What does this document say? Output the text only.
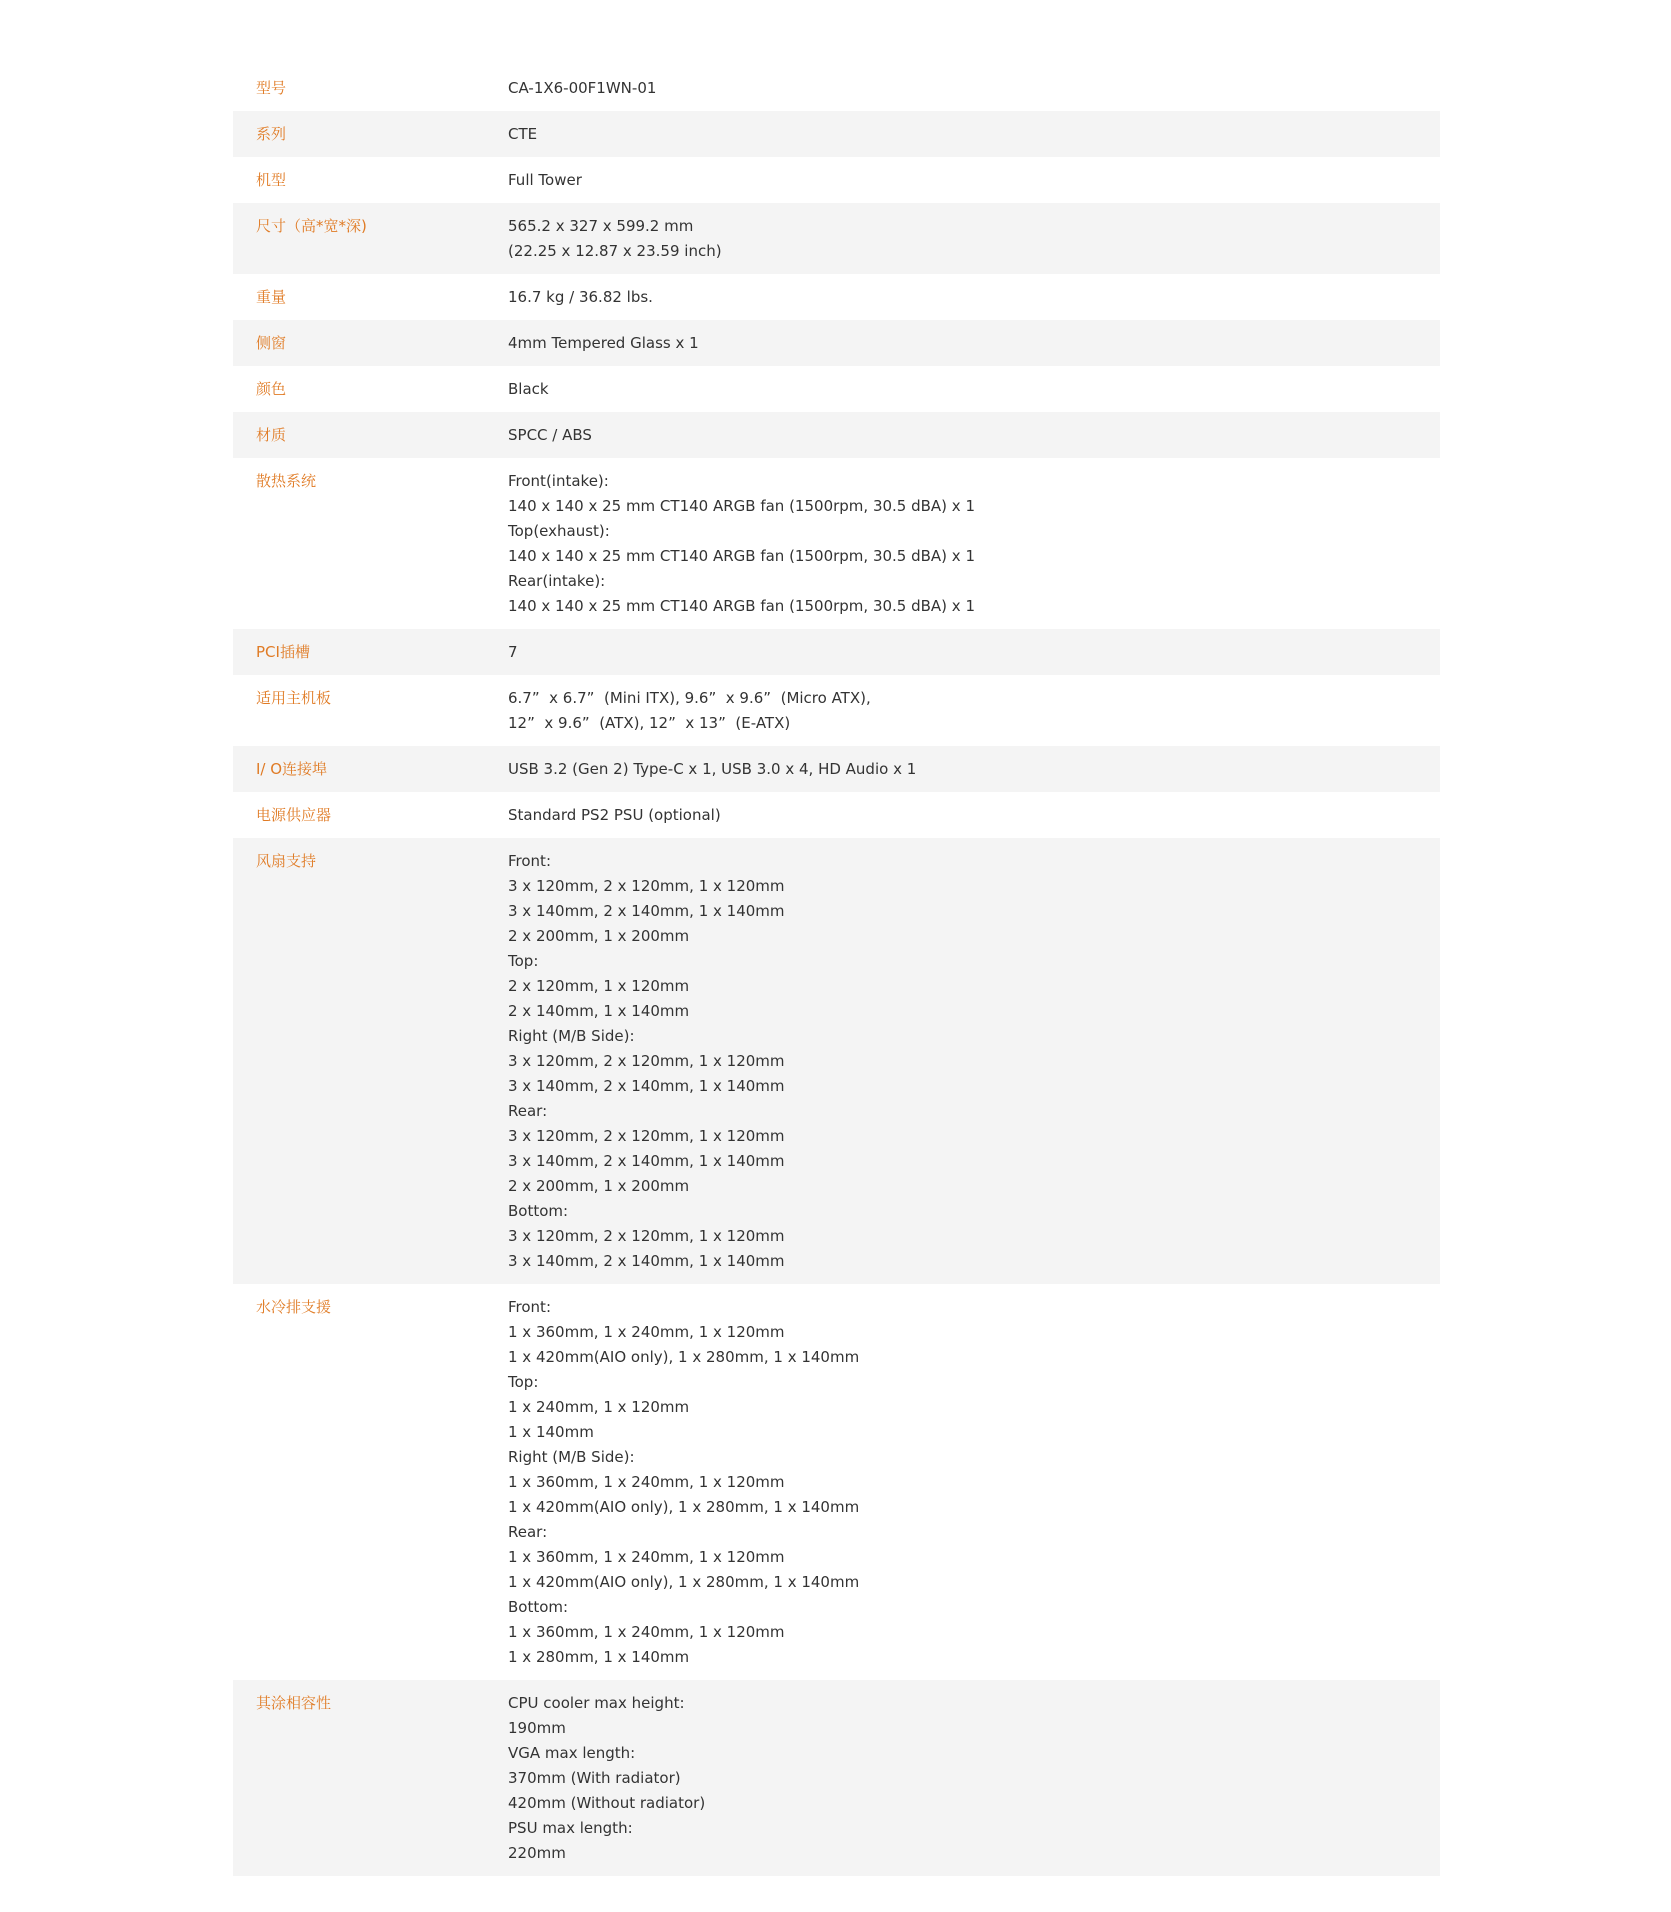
型号	CA-1X6-00F1WN-01
系列	CTE
机型	Full Tower
尺寸（高*宽*深)	565.2 x 327 x 599.2 mm
(22.25 x 12.87 x 23.59 inch)
重量	16.7 kg / 36.82 lbs.
侧窗	4mm Tempered Glass x 1
颜色	Black
材质	SPCC / ABS
散热系统	Front(intake):
140 x 140 x 25 mm CT140 ARGB fan (1500rpm, 30.5 dBA) x 1
Top(exhaust):
140 x 140 x 25 mm CT140 ARGB fan (1500rpm, 30.5 dBA) x 1
Rear(intake):
140 x 140 x 25 mm CT140 ARGB fan (1500rpm, 30.5 dBA) x 1
PCI插槽	7
适用主机板	6.7”  x 6.7”  (Mini ITX), 9.6”  x 9.6”  (Micro ATX),
12”  x 9.6”  (ATX), 12”  x 13”  (E-ATX)
I/ O连接埠	USB 3.2 (Gen 2) Type-C x 1, USB 3.0 x 4, HD Audio x 1
电源供应器	Standard PS2 PSU (optional)
风扇支持	Front:
3 x 120mm, 2 x 120mm, 1 x 120mm
3 x 140mm, 2 x 140mm, 1 x 140mm
2 x 200mm, 1 x 200mm
Top:
2 x 120mm, 1 x 120mm
2 x 140mm, 1 x 140mm
Right (M/B Side):
3 x 120mm, 2 x 120mm, 1 x 120mm
3 x 140mm, 2 x 140mm, 1 x 140mm
Rear:
3 x 120mm, 2 x 120mm, 1 x 120mm
3 x 140mm, 2 x 140mm, 1 x 140mm
2 x 200mm, 1 x 200mm
Bottom:
3 x 120mm, 2 x 120mm, 1 x 120mm
3 x 140mm, 2 x 140mm, 1 x 140mm
水冷排支援	Front:
1 x 360mm, 1 x 240mm, 1 x 120mm
1 x 420mm(AIO only), 1 x 280mm, 1 x 140mm
Top:
1 x 240mm, 1 x 120mm
1 x 140mm
Right (M/B Side):
1 x 360mm, 1 x 240mm, 1 x 120mm
1 x 420mm(AIO only), 1 x 280mm, 1 x 140mm
Rear:
1 x 360mm, 1 x 240mm, 1 x 120mm
1 x 420mm(AIO only), 1 x 280mm, 1 x 140mm
Bottom:
1 x 360mm, 1 x 240mm, 1 x 120mm
1 x 280mm, 1 x 140mm
其涂相容性	CPU cooler max height:
190mm
VGA max length:
370mm (With radiator)
420mm (Without radiator)
PSU max length:
220mm
